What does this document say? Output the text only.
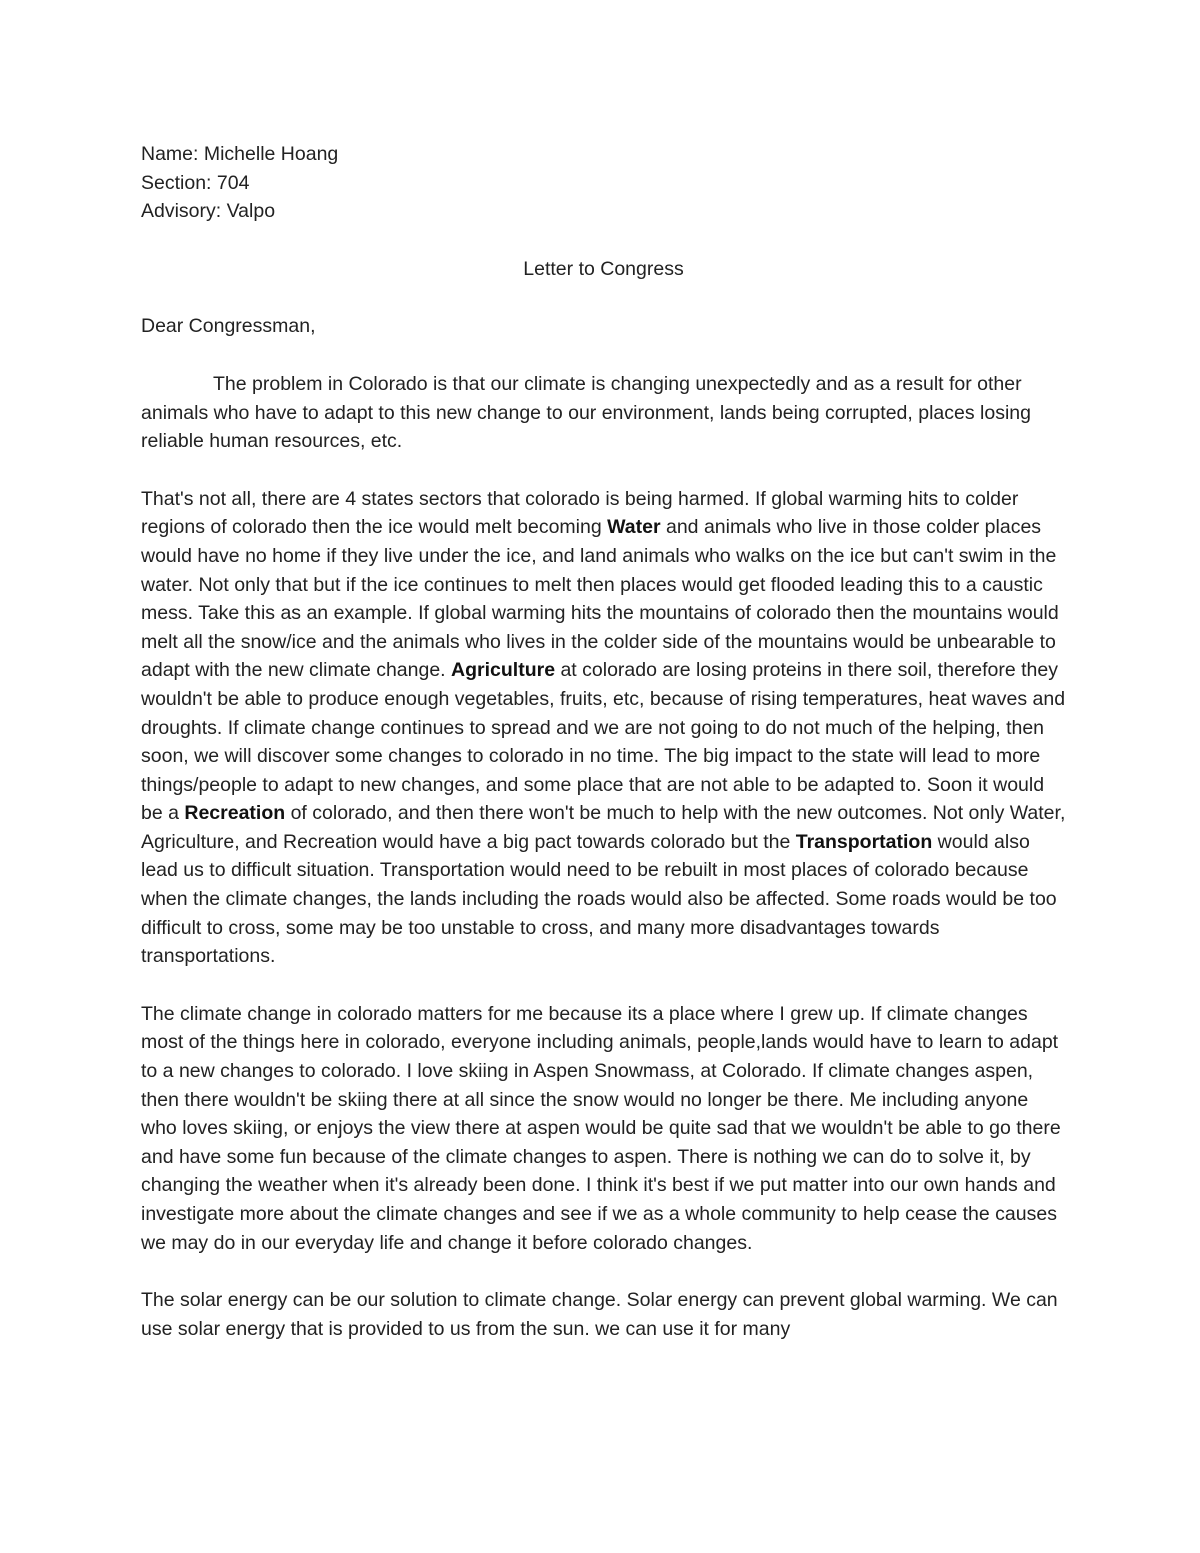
Name: Michelle Hoang

Section: 704

Advisory: Valpo

Letter to Congress

Dear Congressman,

The problem in Colorado is that our climate is changing unexpectedly and as a result for other animals who have to adapt to this new change to our environment, lands being corrupted, places losing reliable human resources, etc.

That's not all, there are 4 states sectors that colorado is being harmed. If global warming hits to colder regions of colorado then the ice would melt becoming Water and animals who live in those colder places would have no home if they live under the ice, and land animals who walks on the ice but can't swim in the water. Not only that but if the ice continues to melt then places would get flooded leading this to a caustic mess. Take this as an example. If global warming hits the mountains of colorado then the mountains would melt all the snow/ice and the animals who lives in the colder side of the mountains would be unbearable to adapt with the new climate change. Agriculture at colorado are losing proteins in there soil, therefore they wouldn't be able to produce enough vegetables, fruits, etc, because of rising temperatures, heat waves and droughts. If climate change continues to spread and we are not going to do not much of the helping, then soon, we will discover some changes to colorado in no time. The big impact to the state will lead to more things/people to adapt to new changes, and some place that are not able to be adapted to. Soon it would be a Recreation of colorado, and then there won't be much to help with the new outcomes. Not only Water, Agriculture, and Recreation would have a big pact towards colorado but the Transportation would also lead us to difficult situation. Transportation would need to be rebuilt in most places of colorado because when the climate changes, the lands including the roads would also be affected. Some roads would be too difficult to cross, some may be too unstable to cross, and many more disadvantages towards transportations.

The climate change in colorado matters for me because its a place where I grew up. If climate changes most of the things here in colorado, everyone including animals, people,lands would have to learn to adapt to a new changes to colorado. I love skiing in Aspen Snowmass, at Colorado. If climate changes aspen, then there wouldn't be skiing there at all since the snow would no longer be there. Me including anyone who loves skiing, or enjoys the view there at aspen would be quite sad that we wouldn't be able to go there and have some fun because of the climate changes to aspen. There is nothing we can do to solve it, by changing the weather when it's already been done. I think it's best if we put matter into our own hands and investigate more about the climate changes and see if we as a whole community to help cease the causes we may do in our everyday life and change it before colorado changes.

The solar energy can be our solution to climate change. Solar energy can prevent global warming. We can use solar energy that is provided to us from the sun. we can use it for many
